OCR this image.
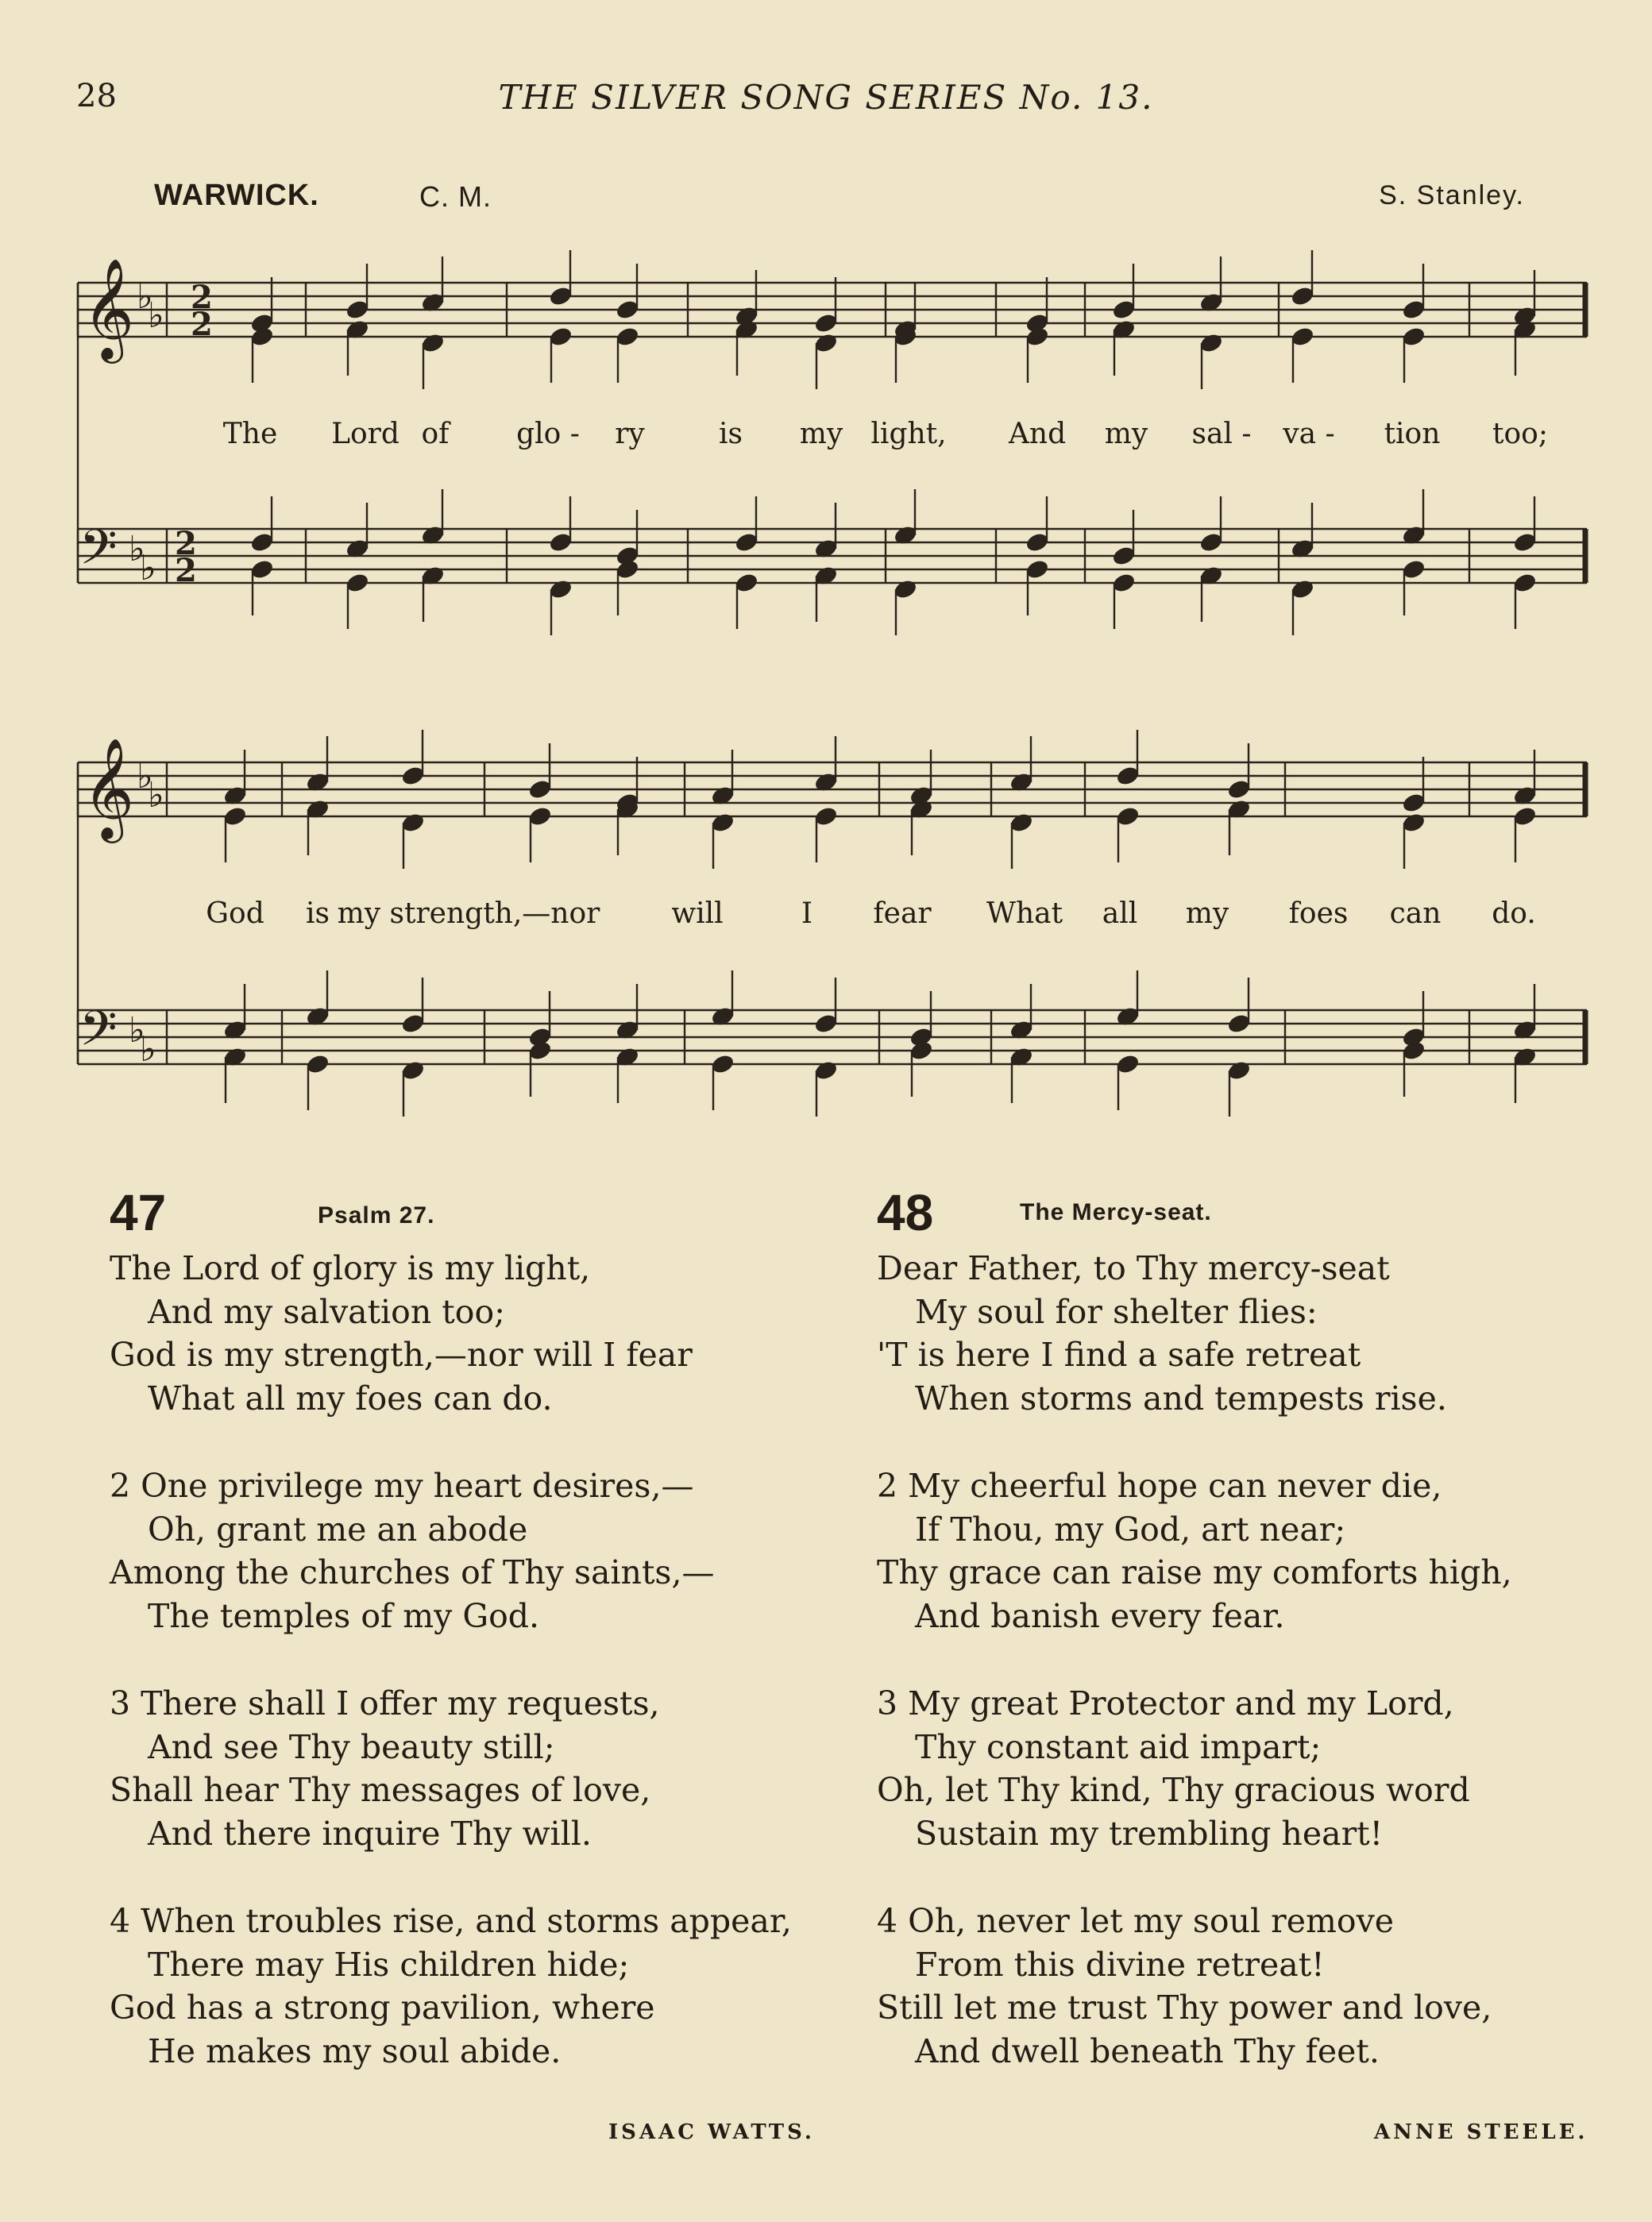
28	THE SILVER SONG SERIES No. 13.
WARWICK.	C. M.	S. Stanley.
𝄞
𝄞
𝄢
𝄢
♭
♭
♭
♭
♭
♭
♭
♭
2
2
2
2
The Lord of glo - ry	is my light, And my sal - va - tion too;
God is my strength,—nor will	I fear What all my foes can do.
47	Psalm 27.
The Lord of glory is my light,
And my salvation too;
God is my strength,—nor will I fear
What all my foes can do.
2 One privilege my heart desires,—
Oh, grant me an abode
Among the churches of Thy saints,—
The temples of my God.
3 There shall I offer my requests,
And see Thy beauty still;
Shall hear Thy messages of love,
And there inquire Thy will.
4 When troubles rise, and storms appear,
There may His children hide;
God has a strong pavilion, where
He makes my soul abide.
ISAAC WATTS.
48	The Mercy-seat.
Dear Father, to Thy mercy-seat
My soul for shelter flies:
'T is here I find a safe retreat
When storms and tempests rise.
2 My cheerful hope can never die,
If Thou, my God, art near;
Thy grace can raise my comforts high,
And banish every fear.
3 My great Protector and my Lord,
Thy constant aid impart;
Oh, let Thy kind, Thy gracious word
Sustain my trembling heart!
4 Oh, never let my soul remove
From this divine retreat!
Still let me trust Thy power and love,
And dwell beneath Thy feet.
ANNE STEELE.
